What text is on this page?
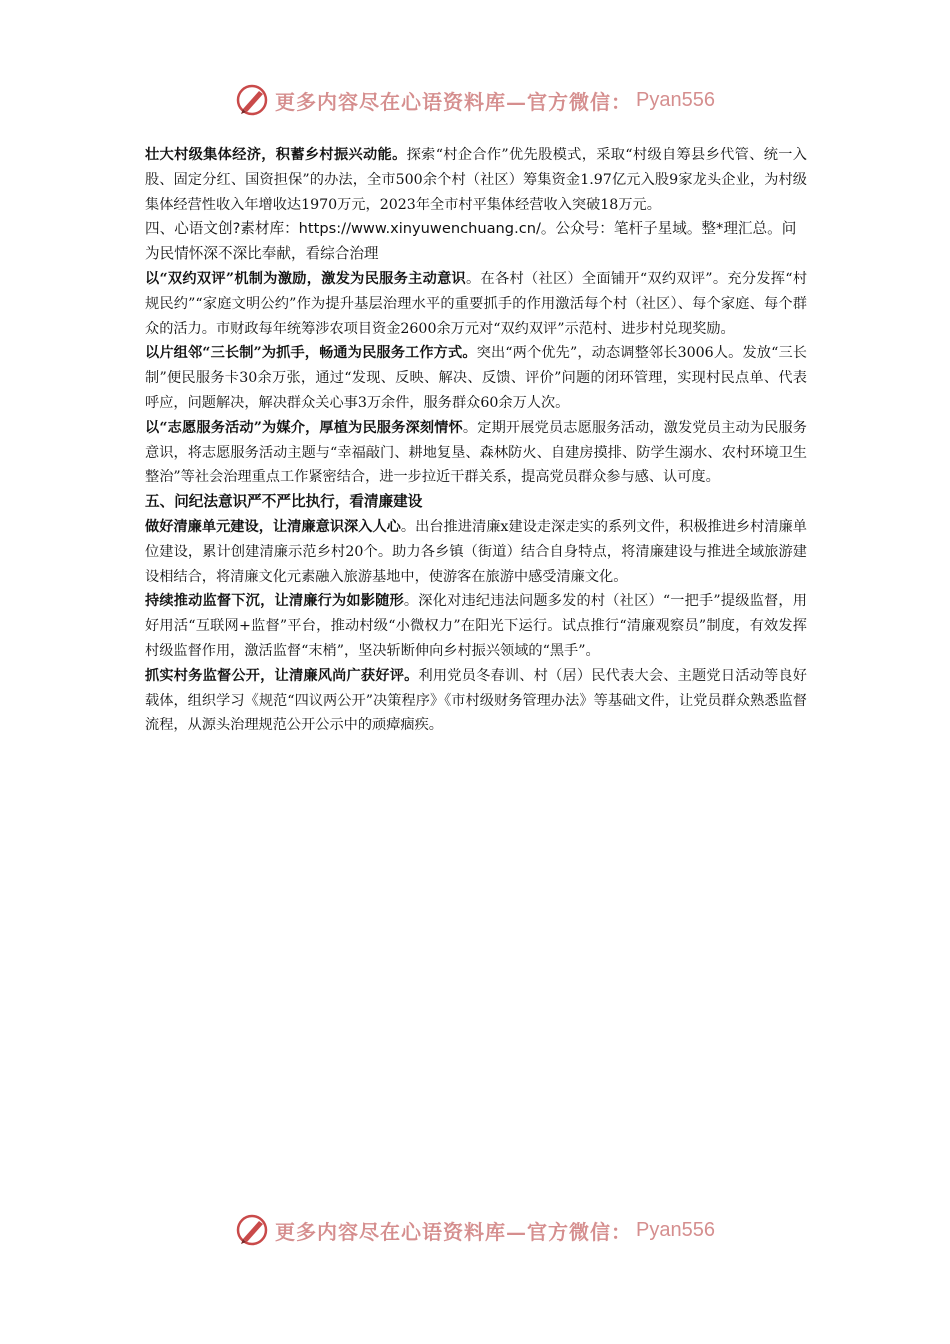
更多内容尽在心语资料库—官方微信： Pyan556

壮大村级集体经济，积蓄乡村振兴动能。探索“村企合作”优先股模式，采取“村级自筹县乡代管、统一入股、固定分红、国资担保”的办法，全市500余个村（社区）筹集资金1.97亿元入股9家龙头企业，为村级集体经营性收入年增收达1970万元，2023年全市村平集体经营收入突破18万元。

四、心语文创?素材库：https://www.xinyuwenchuang.cn/。公众号：笔杆子星域。整*理汇总。问为民情怀深不深比奉献，看综合治理

以“双约双评”机制为激励，激发为民服务主动意识。在各村（社区）全面铺开“双约双评”。充分发挥“村规民约”“家庭文明公约”作为提升基层治理水平的重要抓手的作用激活每个村（社区）、每个家庭、每个群众的活力。市财政每年统筹涉农项目资金2600余万元对“双约双评”示范村、进步村兑现奖励。

以片组邻“三长制”为抓手，畅通为民服务工作方式。突出“两个优先”，动态调整邻长3006人。发放“三长制”便民服务卡30余万张，通过“发现、反映、解决、反馈、评价”问题的闭环管理，实现村民点单、代表呼应，问题解决，解决群众关心事3万余件，服务群众60余万人次。

以“志愿服务活动”为媒介，厚植为民服务深刻情怀。定期开展党员志愿服务活动，激发党员主动为民服务意识，将志愿服务活动主题与“幸福敲门、耕地复垦、森林防火、自建房摸排、防学生溺水、农村环境卫生整治”等社会治理重点工作紧密结合，进一步拉近干群关系，提高党员群众参与感、认可度。

五、问纪法意识严不严比执行，看清廉建设

做好清廉单元建设，让清廉意识深入人心。出台推进清廉x建设走深走实的系列文件，积极推进乡村清廉单位建设，累计创建清廉示范乡村20个。助力各乡镇（街道）结合自身特点，将清廉建设与推进全域旅游建设相结合，将清廉文化元素融入旅游基地中，使游客在旅游中感受清廉文化。

持续推动监督下沉，让清廉行为如影随形。深化对违纪违法问题多发的村（社区）“一把手”提级监督，用好用活“互联网+监督”平台，推动村级“小微权力”在阳光下运行。试点推行“清廉观察员”制度，有效发挥村级监督作用，激活监督“末梢”，坚决斩断伸向乡村振兴领域的“黑手”。

抓实村务监督公开，让清廉风尚广获好评。利用党员冬春训、村（居）民代表大会、主题党日活动等良好载体，组织学习《规范“四议两公开”决策程序》《市村级财务管理办法》等基础文件，让党员群众熟悉监督流程，从源头治理规范公开公示中的顽瘴痼疾。

更多内容尽在心语资料库—官方微信： Pyan556
